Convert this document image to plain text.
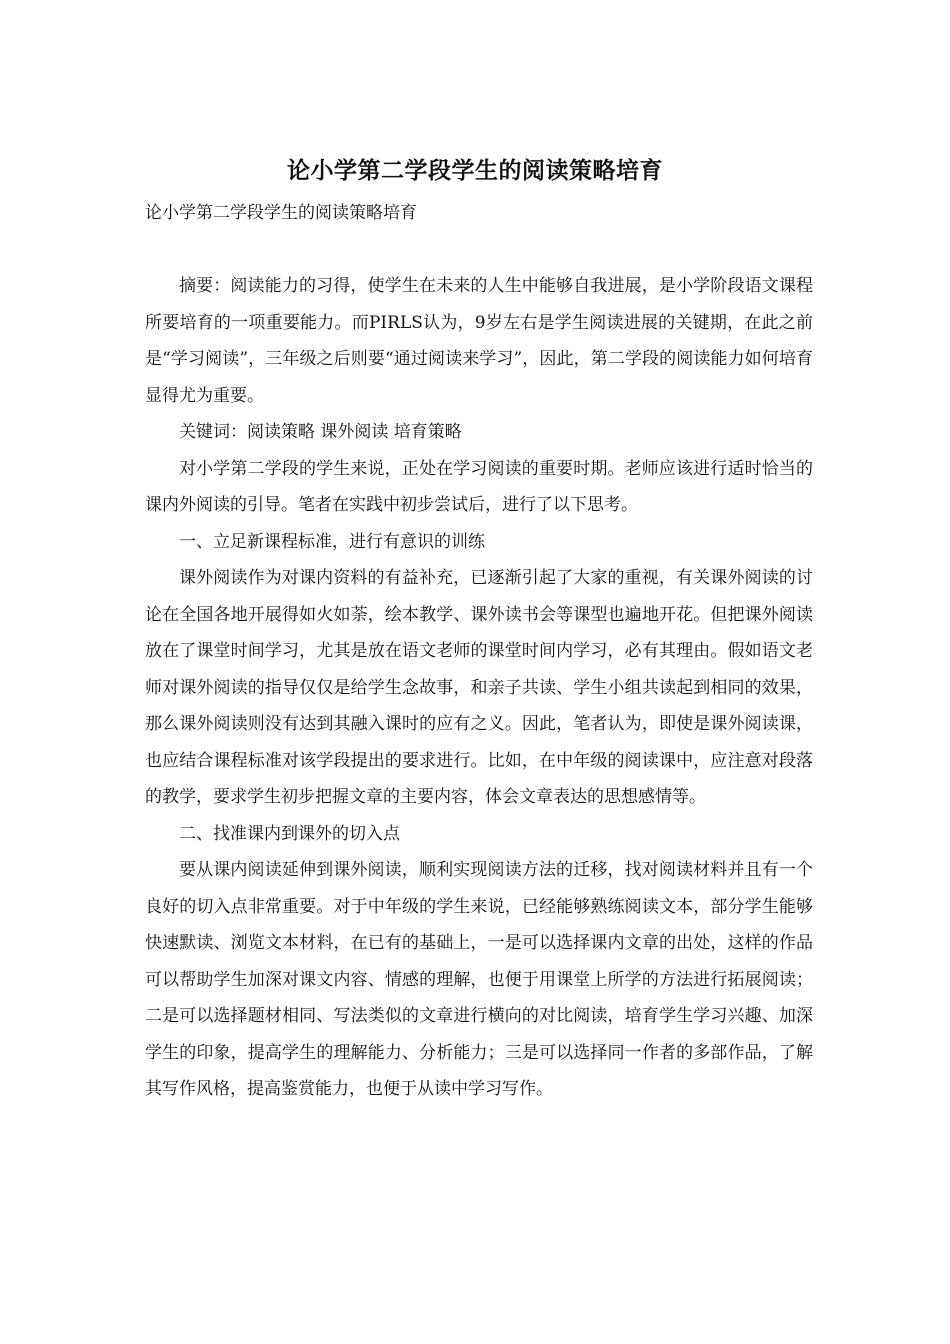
论小学第二学段学生的阅读策略培育

论小学第二学段学生的阅读策略培育

摘要：阅读能力的习得，使学生在未来的人生中能够自我进展，是小学阶段语文课程所要培育的一项重要能力。而PIRLS认为，9岁左右是学生阅读进展的关键期，在此之前是“学习阅读”，三年级之后则要“通过阅读来学习”，因此，第二学段的阅读能力如何培育显得尤为重要。

关键词：阅读策略 课外阅读 培育策略

对小学第二学段的学生来说，正处在学习阅读的重要时期。老师应该进行适时恰当的课内外阅读的引导。笔者在实践中初步尝试后，进行了以下思考。

一、立足新课程标准，进行有意识的训练

课外阅读作为对课内资料的有益补充，已逐渐引起了大家的重视，有关课外阅读的讨论在全国各地开展得如火如荼，绘本教学、课外读书会等课型也遍地开花。但把课外阅读放在了课堂时间学习，尤其是放在语文老师的课堂时间内学习，必有其理由。假如语文老师对课外阅读的指导仅仅是给学生念故事，和亲子共读、学生小组共读起到相同的效果，那么课外阅读则没有达到其融入课时的应有之义。因此，笔者认为，即使是课外阅读课，也应结合课程标准对该学段提出的要求进行。比如，在中年级的阅读课中，应注意对段落的教学，要求学生初步把握文章的主要内容，体会文章表达的思想感情等。

二、找准课内到课外的切入点

要从课内阅读延伸到课外阅读，顺利实现阅读方法的迁移，找对阅读材料并且有一个良好的切入点非常重要。对于中年级的学生来说，已经能够熟练阅读文本，部分学生能够快速默读、浏览文本材料，在已有的基础上，一是可以选择课内文章的出处，这样的作品可以帮助学生加深对课文内容、情感的理解，也便于用课堂上所学的方法进行拓展阅读；二是可以选择题材相同、写法类似的文章进行横向的对比阅读，培育学生学习兴趣、加深学生的印象，提高学生的理解能力、分析能力；三是可以选择同一作者的多部作品，了解其写作风格，提高鉴赏能力，也便于从读中学习写作。
